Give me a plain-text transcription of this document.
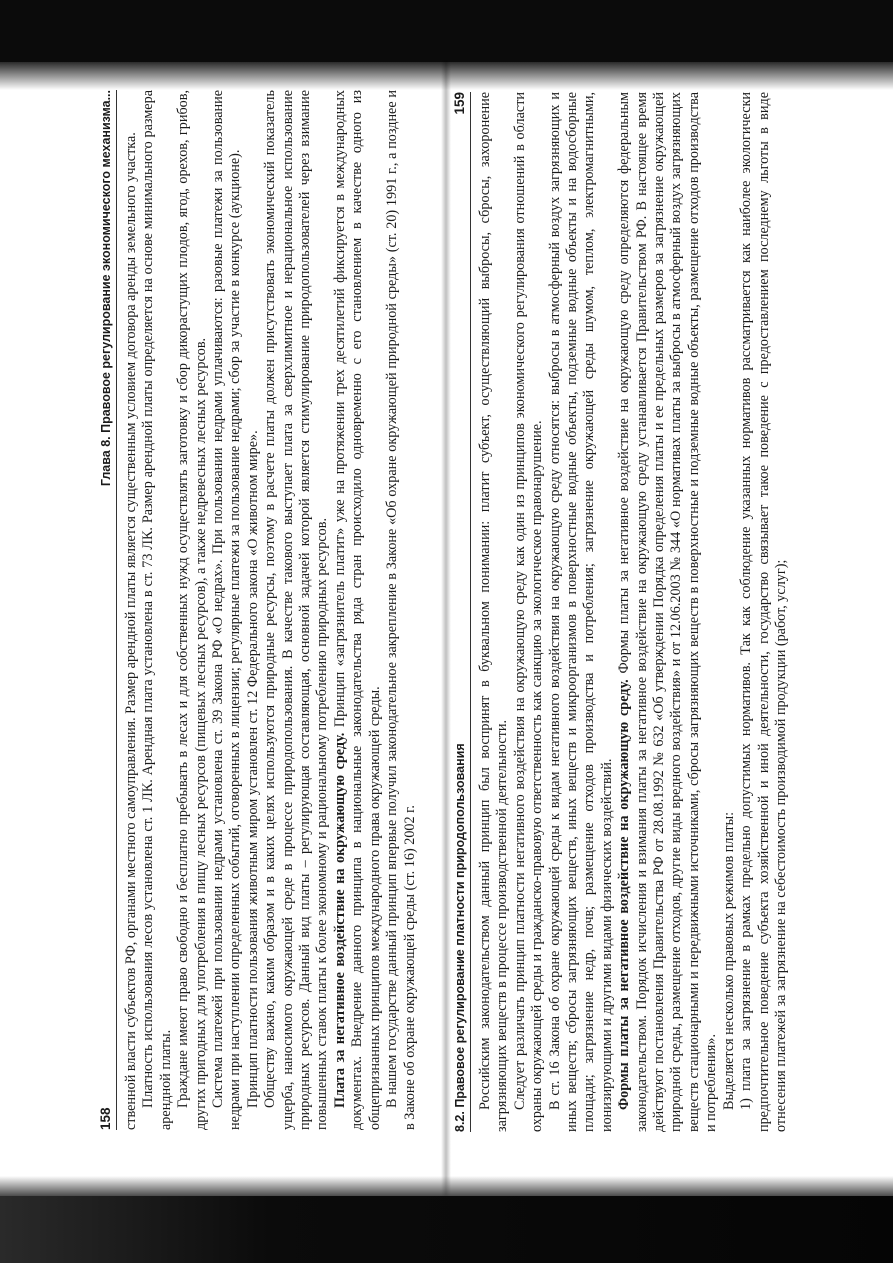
158
Глава 8. Правовое регулирование экономического механизма... ственной власти субъектов РФ, органами местного самоуправления. Размер арендной платы является существенным условием договора аренды земельного участка. Платность использования лесов установлена ст. 1 ЛК. Арендная плата установлена в ст. 73 ЛК. Размер арендной платы определяется на основе минимального размера арендной платы. Граждане имеют право свободно и бесплатно пребывать в лесах и для собственных нужд осуществлять заготовку и сбор дикорастущих плодов, ягод, орехов, грибов, других пригодных для употребления в пищу лесных ресурсов (пищевых лесных ресурсов), а также недревесных лесных ресурсов. Система платежей при пользовании недрами установлена ст. 39 Закона РФ «О недрах». При пользовании недрами уплачиваются: разовые платежи за пользование недрами при наступлении определенных событий, оговоренных в лицензии; регулярные платежи за пользование недрами; сбор за участие в конкурсе (аукционе). Принцип платности пользования животным миром установлен ст. 12 Федерального закона «О животном мире». Обществу важно, каким образом и в каких целях используются природные ресурсы, поэтому в расчете платы должен присутствовать экономический показатель ущерба, наносимого окружающей среде в процессе природопользования. В качестве такового выступает плата за сверхлимитное и нерациональное использование природных ресурсов. Данный вид платы – регулирующая составляющая, основной задачей которой является стимулирование природопользователей через взимание повышенных ставок платы к более экономному и рациональному потреблению природных ресурсов. Плата за негативное воздействие на окружающую среду. Принцип «загрязнитель платит» уже на протяжении трех десятилетий фиксируется в международных документах. Внедрение данного принципа в национальные законодательства ряда стран происходило одновременно с его становлением в качестве одного из общепризнанных принципов международного права окружающей среды. В нашем государстве данный принцип впервые получил законодательное закрепление в Законе «Об охране окружающей природной среды» (ст. 20) 1991 г., а позднее и в Законе об охране окружающей среды (ст. 16) 2002 г.	8.2. Правовое регулирование платности природопользования
159 Российским законодательством данный принцип был воспринят в буквальном понимании: платит субъект, осуществляющий выбросы, сбросы, захоронение загрязняющих веществ в процессе производственной деятельности. Следует различать принцип платности негативного воздействия на окружающую среду как один из принципов экономического регулирования отношений в области охраны окружающей среды и гражданско-правовую ответственность как санкцию за экологическое правонарушение. В ст. 16 Закона об охране окружающей среды к видам негативного воздействия на окружающую среду относятся: выбросы в атмосферный воздух загрязняющих и иных веществ; сбросы загрязняющих веществ, иных веществ и микроорганизмов в поверхностные водные объекты, подземные водные объекты и на водосборные площади; загрязнение недр, почв; размещение отходов производства и потребления; загрязнение окружающей среды шумом, теплом, электромагнитными, ионизирующими и другими видами физических воздействий. Формы платы за негативное воздействие на окружающую среду. Формы платы за негативное воздействие на окружающую среду определяются федеральным законодательством. Порядок исчисления и взимания платы за негативное воздействие на окружающую среду устанавливается Правительством РФ. В настоящее время действуют постановления Правительства РФ от 28.08.1992 № 632 «Об утверждении Порядка определения платы и ее предельных размеров за загрязнение окружающей природной среды, размещение отходов, другие виды вредного воздействия» и от 12.06.2003 № 344 «О нормативах платы за выбросы в атмосферный воздух загрязняющих веществ стационарными и передвижными источниками, сбросы загрязняющих веществ в поверхностные и подземные водные объекты, размещение отходов производства и потребления». Выделяется несколько правовых режимов платы: 1) плата за загрязнение в рамках предельно допустимых нормативов. Так как соблюдение указанных нормативов рассматривается как наиболее экологически предпочтительное поведение субъекта хозяйственной и иной деятельности, государство связывает такое поведение с предоставлением последнему льготы в виде отнесения платежей за загрязнение на себестоимость производимой продукции (работ, услуг);
